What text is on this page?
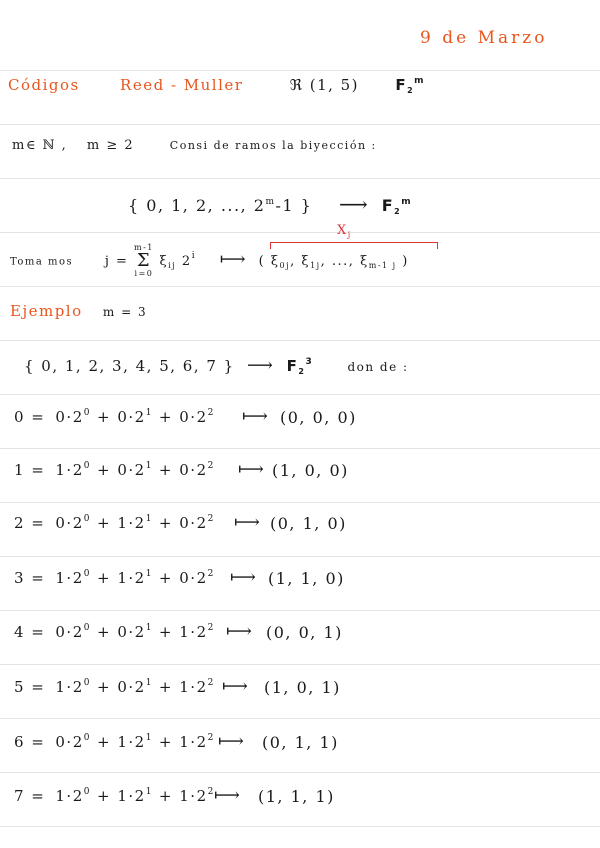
9 de Marzo
Códigos	Reed - Muller	ℜ (1, 5) $F_2^m$
m∈ ℕ , m ≥ 2	Consi de ramos la biyección :
{ 0, 1, 2, ..., 2$^m$-1 } ⟶ $F_2^m$
$X_j$
Toma mos j =
m-1
Σ
i=0
$\xi_{ij}$ 2$^i$ ⟼ ( $\xi_{0j}$, $\xi_{1j}$, ..., $\xi_{m-1 j}$ )
Ejemplo m = 3
{ 0, 1, 2, 3, 4, 5, 6, 7 } ⟶ $F_2^3$	don de :
$0 = 0\cdot 2^0 + 0\cdot 2^1 + 0\cdot 2^2$ ⟼ (0, 0, 0)
$1 = 1\cdot 2^0 + 0\cdot 2^1 + 0\cdot 2^2$ ⟼ (1, 0, 0)
$2 = 0\cdot 2^0 + 1\cdot 2^1 + 0\cdot 2^2$ ⟼ (0, 1, 0)
$3 = 1\cdot 2^0 + 1\cdot 2^1 + 0\cdot 2^2$ ⟼ (1, 1, 0)
$4 = 0\cdot 2^0 + 0\cdot 2^1 + 1\cdot 2^2$ ⟼ (0, 0, 1)
$5 = 1\cdot 2^0 + 0\cdot 2^1 + 1\cdot 2^2$ ⟼ (1, 0, 1)
$6 = 0\cdot 2^0 + 1\cdot 2^1 + 1\cdot 2^2$ ⟼ (0, 1, 1)
$7 = 1\cdot 2^0 + 1\cdot 2^1 + 1\cdot 2^2$ ⟼ (1, 1, 1)
